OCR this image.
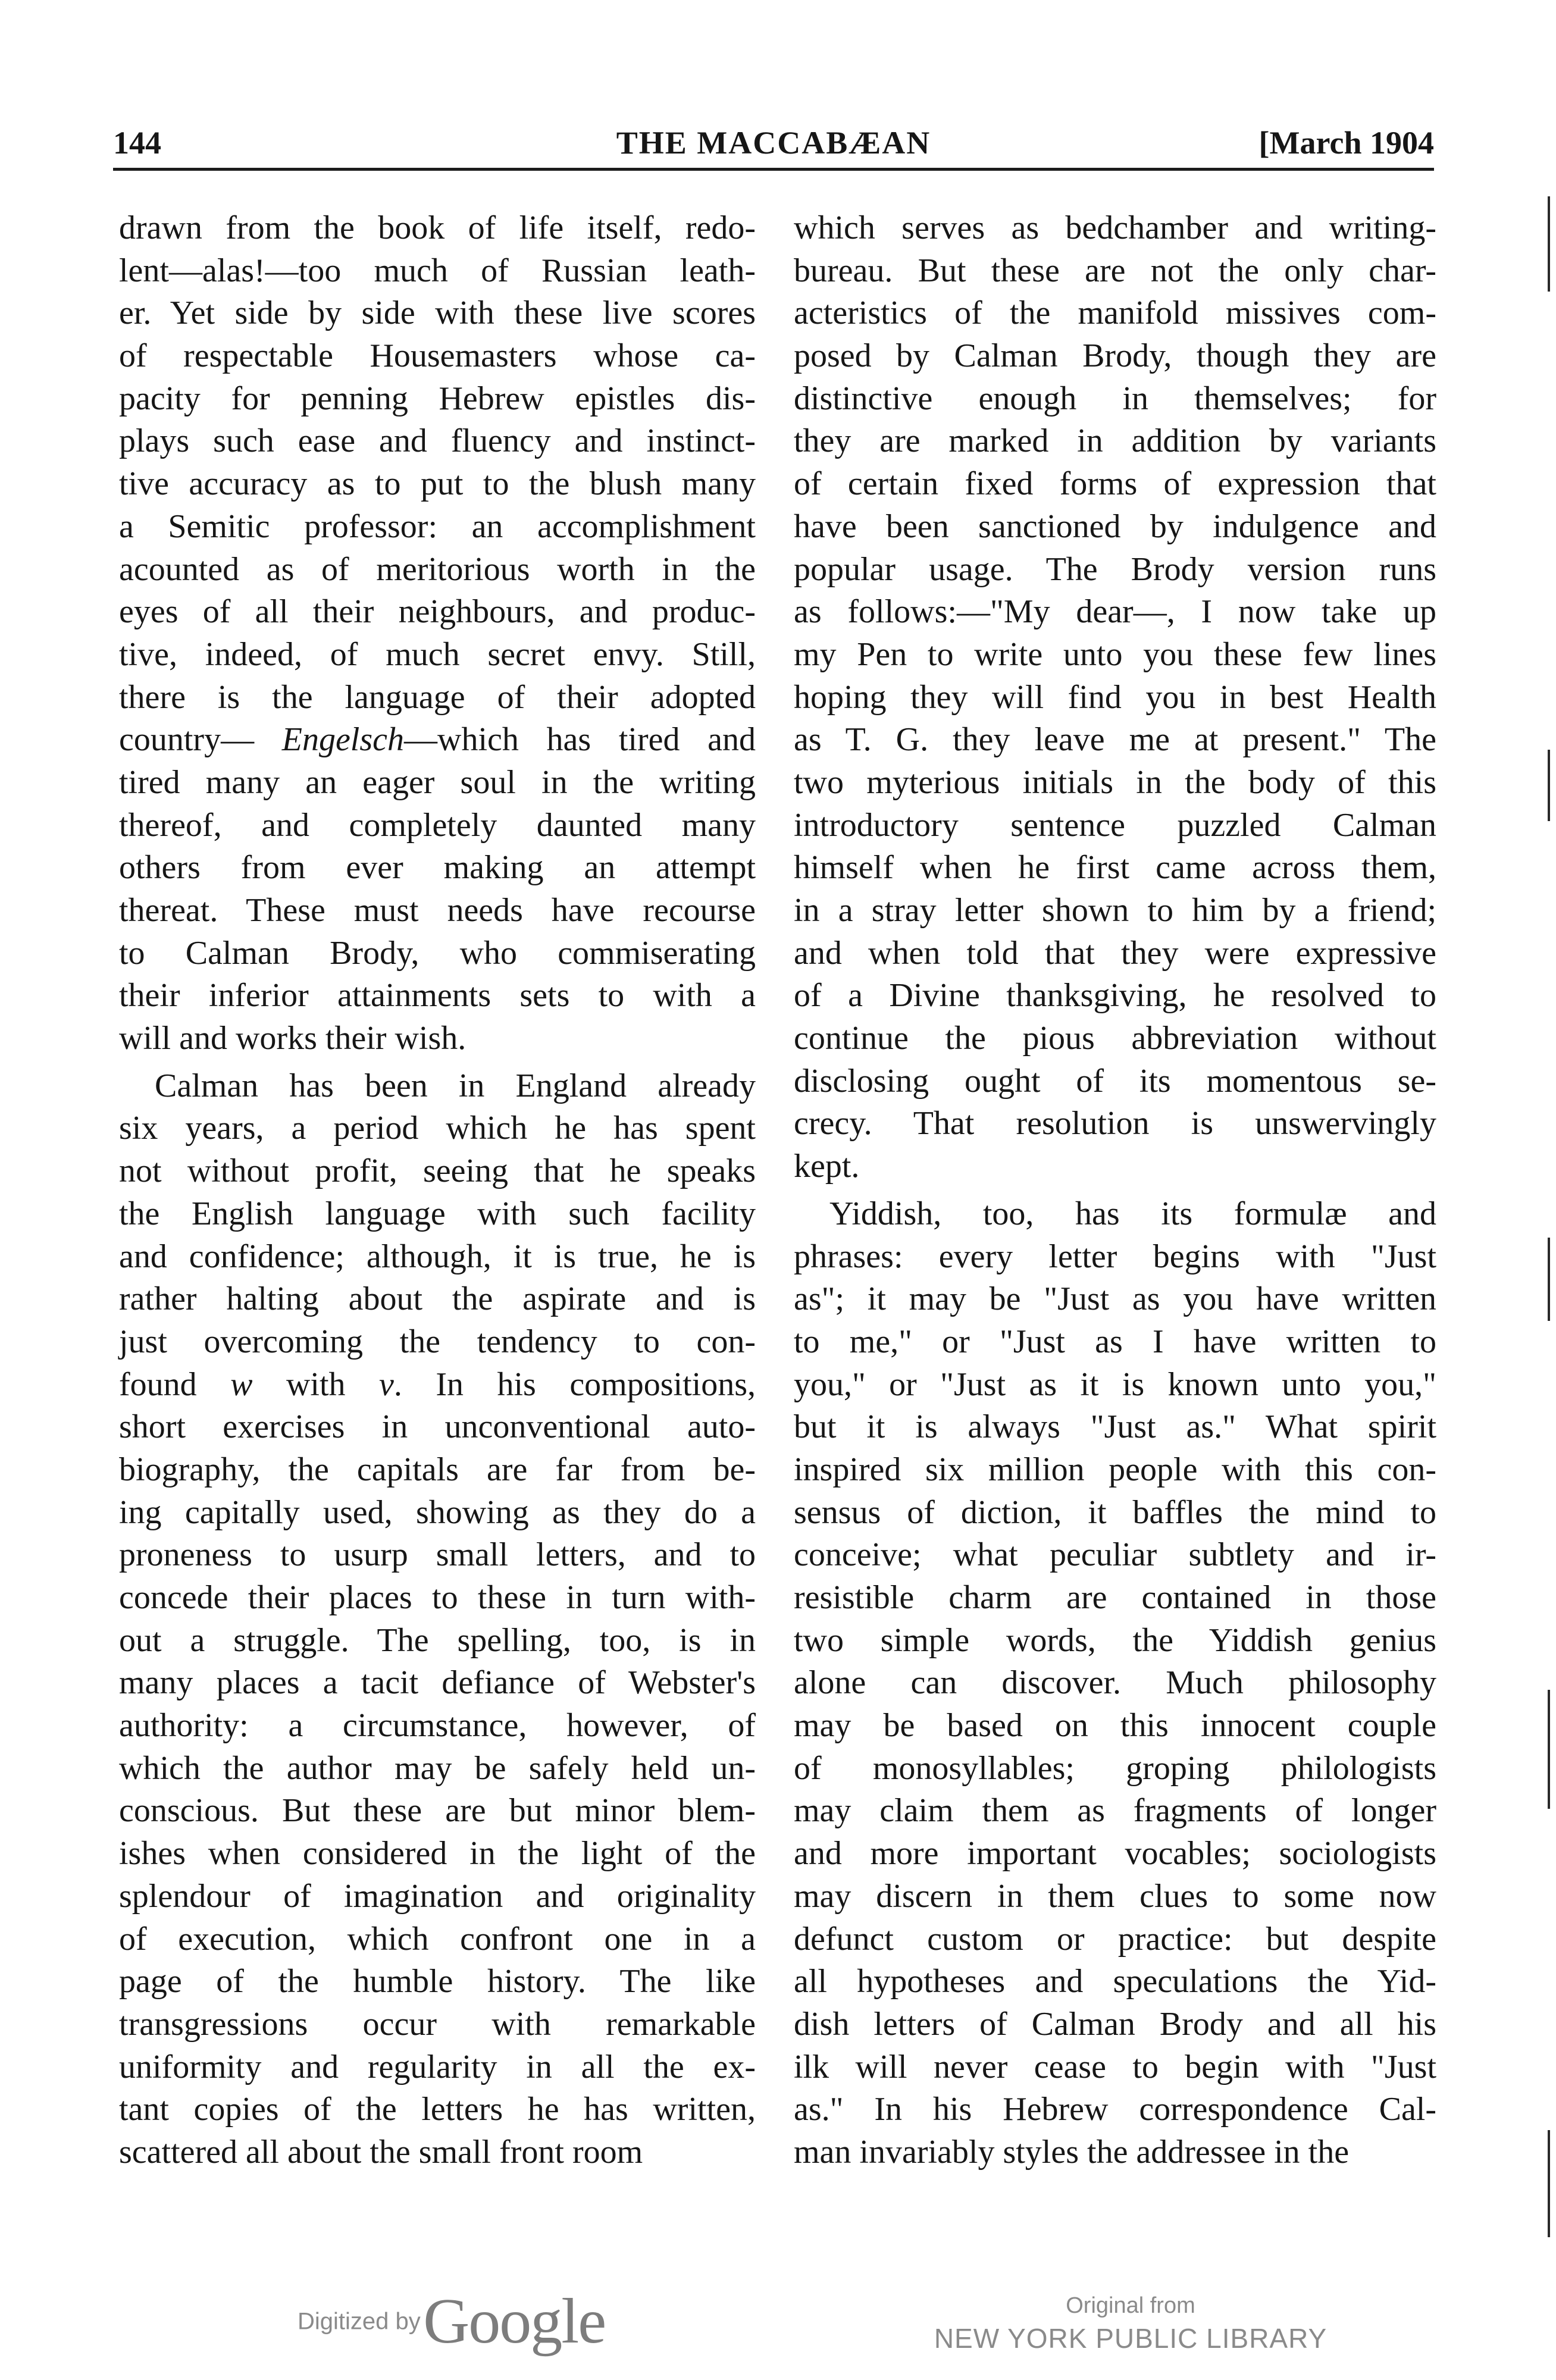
144	THE MACCABÆAN	[March 1904
drawn from the book of life itself, redo-
lent—alas!—too much of Russian leath-
er. Yet side by side with these live scores
of respectable Housemasters whose ca-
pacity for penning Hebrew epistles dis-
plays such ease and fluency and instinct-
tive accuracy as to put to the blush many
a Semitic professor: an accomplishment
acounted as of meritorious worth in the
eyes of all their neighbours, and produc-
tive, indeed, of much secret envy. Still,
there is the language of their adopted
country— Engelsch—which has tired and
tired many an eager soul in the writing
thereof, and completely daunted many
others from ever making an attempt
thereat. These must needs have recourse
to Calman Brody, who commiserating
their inferior attainments sets to with a
will and works their wish.
Calman has been in England already
six years, a period which he has spent
not without profit, seeing that he speaks
the English language with such facility
and confidence; although, it is true, he is
rather halting about the aspirate and is
just overcoming the tendency to con-
found w with v. In his compositions,
short exercises in unconventional auto-
biography, the capitals are far from be-
ing capitally used, showing as they do a
proneness to usurp small letters, and to
concede their places to these in turn with-
out a struggle. The spelling, too, is in
many places a tacit defiance of Webster's
authority: a circumstance, however, of
which the author may be safely held un-
conscious. But these are but minor blem-
ishes when considered in the light of the
splendour of imagination and originality
of execution, which confront one in a
page of the humble history. The like
transgressions occur with remarkable
uniformity and regularity in all the ex-
tant copies of the letters he has written,
scattered all about the small front room
which serves as bedchamber and writing-
bureau. But these are not the only char-
acteristics of the manifold missives com-
posed by Calman Brody, though they are
distinctive enough in themselves; for
they are marked in addition by variants
of certain fixed forms of expression that
have been sanctioned by indulgence and
popular usage. The Brody version runs
as follows:—"My dear—, I now take up
my Pen to write unto you these few lines
hoping they will find you in best Health
as T. G. they leave me at present." The
two myterious initials in the body of this
introductory sentence puzzled Calman
himself when he first came across them,
in a stray letter shown to him by a friend;
and when told that they were expressive
of a Divine thanksgiving, he resolved to
continue the pious abbreviation without
disclosing ought of its momentous se-
crecy. That resolution is unswervingly
kept.
Yiddish, too, has its formulæ and
phrases: every letter begins with "Just
as"; it may be "Just as you have written
to me," or "Just as I have written to
you," or "Just as it is known unto you,"
but it is always "Just as." What spirit
inspired six million people with this con-
sensus of diction, it baffles the mind to
conceive; what peculiar subtlety and ir-
resistible charm are contained in those
two simple words, the Yiddish genius
alone can discover. Much philosophy
may be based on this innocent couple
of monosyllables; groping philologists
may claim them as fragments of longer
and more important vocables; sociologists
may discern in them clues to some now
defunct custom or practice: but despite
all hypotheses and speculations the Yid-
dish letters of Calman Brody and all his
ilk will never cease to begin with "Just
as." In his Hebrew correspondence Cal-
man invariably styles the addressee in the
Digitized by Google	Original from
NEW YORK PUBLIC LIBRARY
